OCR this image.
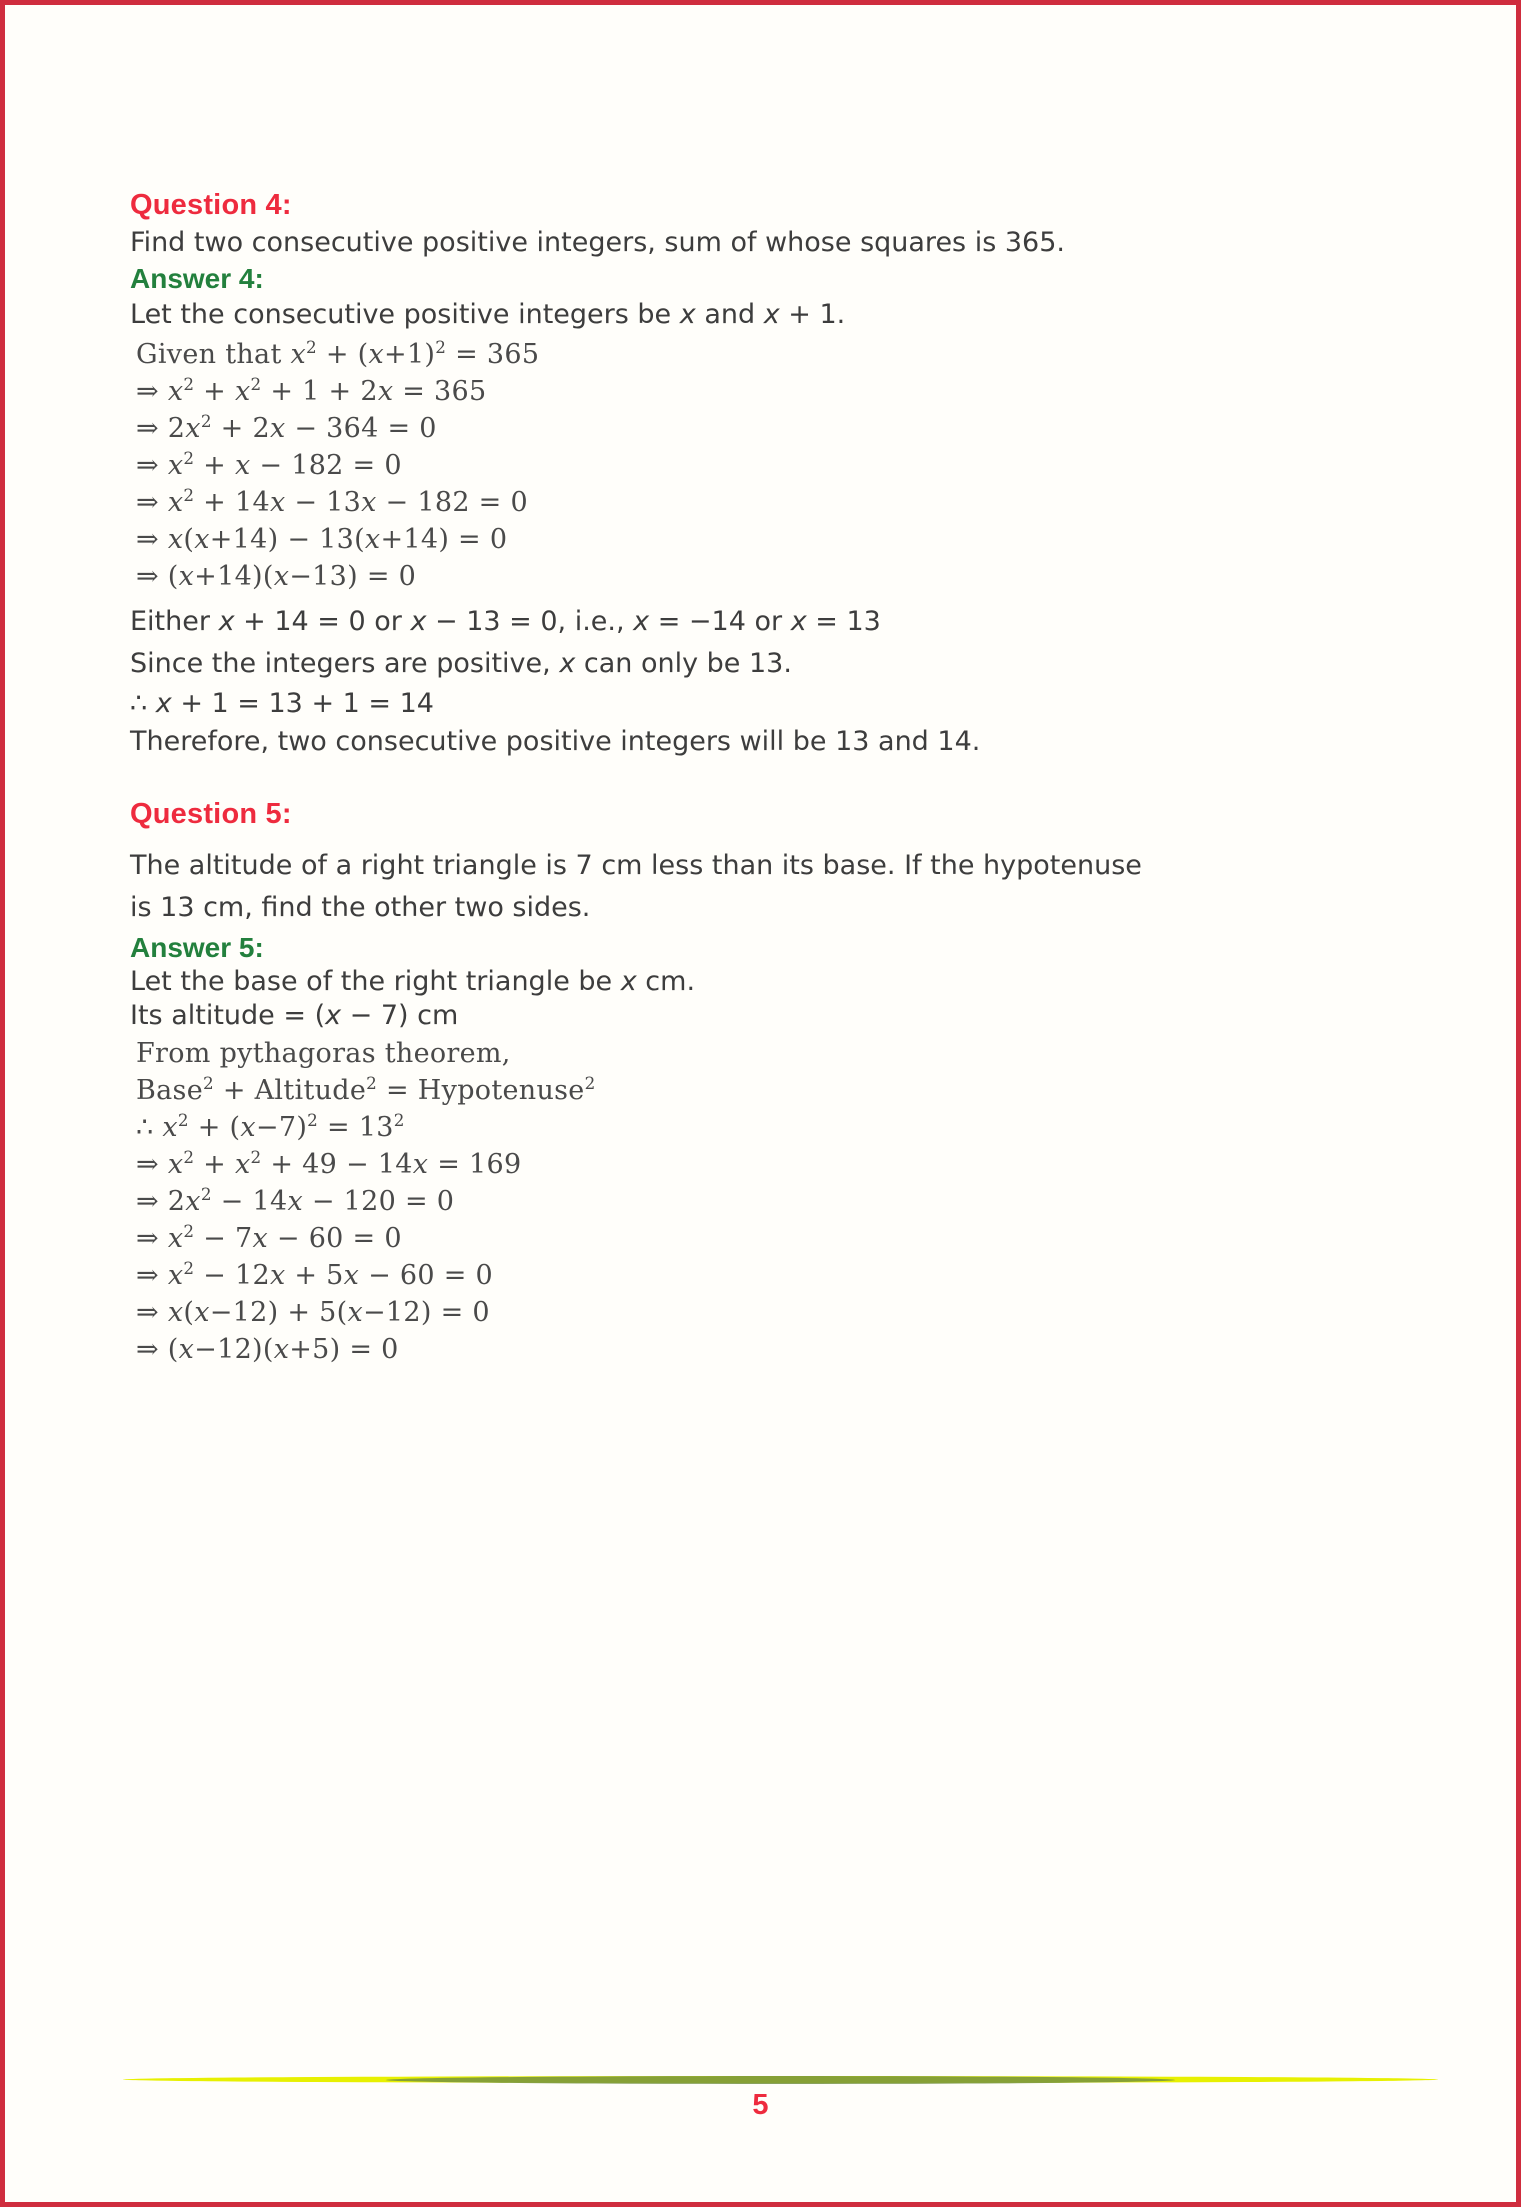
Question 4:
Find two consecutive positive integers, sum of whose squares is 365.
Answer 4:
Let the consecutive positive integers be x and x + 1.
Given that $x^2 + (x+1)^2 = 365$
⇒ $x^2 + x^2 + 1 + 2x = 365$
⇒ $2x^2 + 2x - 364 = 0$
⇒ $x^2 + x - 182 = 0$
⇒ $x^2 + 14x - 13x - 182 = 0$
⇒ x(x+14) − 13(x+14) = 0
⇒ (x+14)(x−13) = 0
Either x + 14 = 0 or x − 13 = 0, i.e., x = −14 or x = 13
Since the integers are positive, x can only be 13.
∴ x + 1 = 13 + 1 = 14
Therefore, two consecutive positive integers will be 13 and 14.
Question 5:
The altitude of a right triangle is 7 cm less than its base. If the hypotenuse
is 13 cm, find the other two sides.
Answer 5:
Let the base of the right triangle be x cm.
Its altitude = (x − 7) cm
From pythagoras theorem,
Base$^2$ + Altitude$^2$ = Hypotenuse$^2$
∴ $x^2 + (x-7)^2 = 13^2$
⇒ $x^2 + x^2 + 49 - 14x = 169$
⇒ $2x^2 - 14x - 120 = 0$
⇒ $x^2 - 7x - 60 = 0$
⇒ $x^2 - 12x + 5x - 60 = 0$
⇒ x(x−12) + 5(x−12) = 0
⇒ (x−12)(x+5) = 0
5
